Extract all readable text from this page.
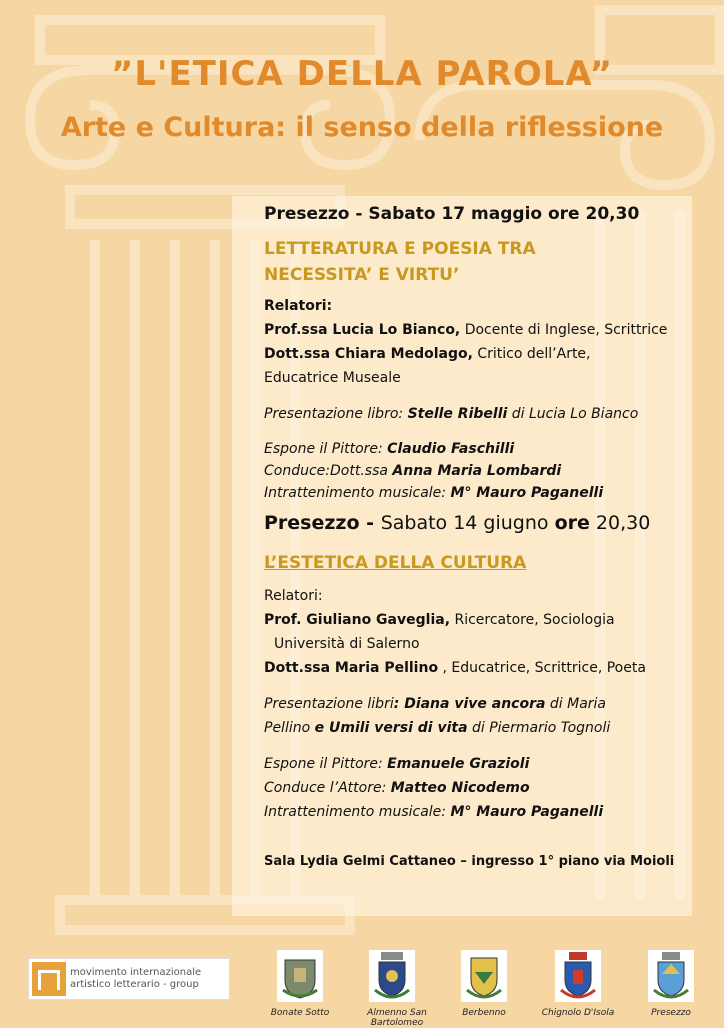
”L'ETICA DELLA PAROLA”
Arte e Cultura: il senso della riflessione

Presezzo - Sabato 17 maggio ore 20,30

LETTERATURA E POESIA TRA

NECESSITA’ E VIRTU’

Relatori:

Prof.ssa Lucia Lo Bianco, Docente di Inglese, Scrittrice

Dott.ssa Chiara Medolago, Critico dell’Arte,

Educatrice Museale

Presentazione libro: Stelle Ribelli di Lucia Lo Bianco

Espone il Pittore: Claudio Faschilli

Conduce:Dott.ssa Anna Maria Lombardi

Intrattenimento musicale: M° Mauro Paganelli

Presezzo - Sabato 14 giugno ore 20,30

L’ESTETICA DELLA CULTURA

Relatori:

Prof. Giuliano Gaveglia, Ricercatore, Sociologia

Università di Salerno

Dott.ssa Maria Pellino , Educatrice, Scrittrice, Poeta

Presentazione libri: Diana vive ancora di Maria

Pellino e Umili versi di vita di Piermario Tognoli

Espone il Pittore: Emanuele Grazioli

Conduce l’Attore: Matteo Nicodemo

Intrattenimento musicale: M° Mauro Paganelli

Sala Lydia Gelmi Cattaneo – ingresso 1° piano via Moioli

movimento internazionale
artistico letterario - group
Bonate Sotto	Almenno San Bartolomeo
Berbenno	Chignolo D'Isola	Presezzo
